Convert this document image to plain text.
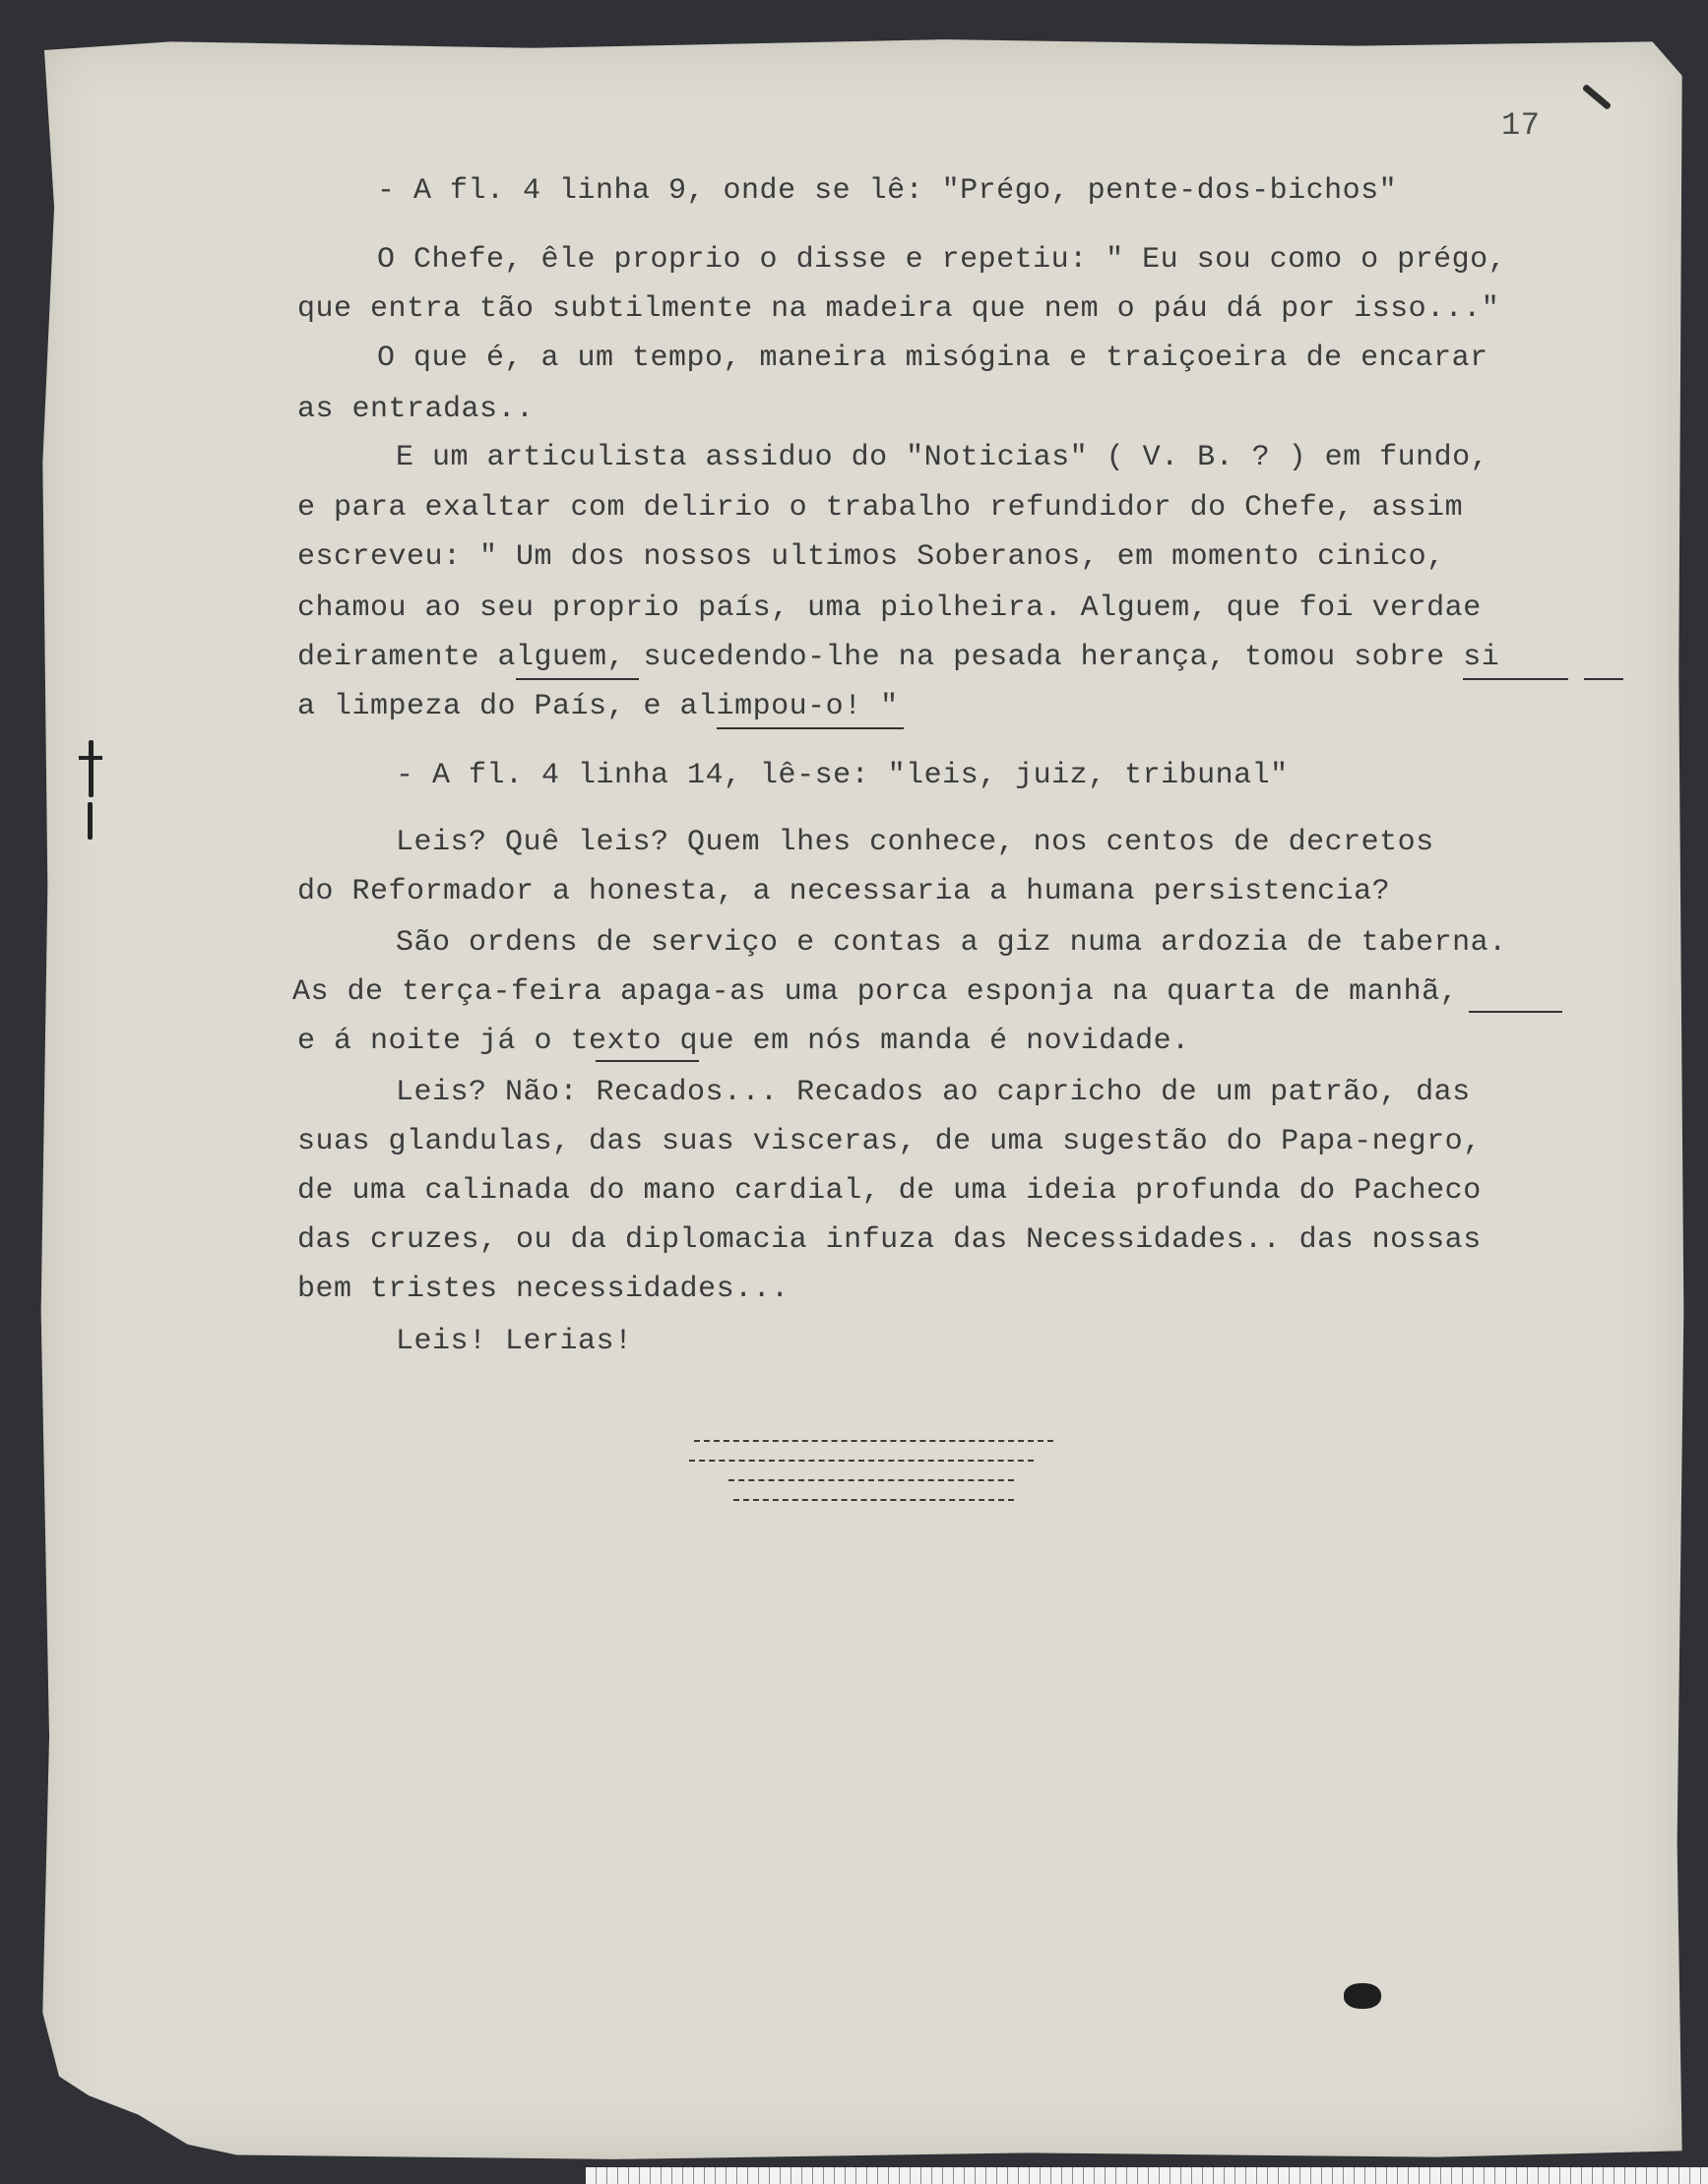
17
- A fl. 4 linha 9, onde se lê: "Prégo, pente-dos-bichos"
O Chefe, êle proprio o disse e repetiu: " Eu sou como o prégo,
que entra tão subtilmente na madeira que nem o páu dá por isso..."
O que é, a um tempo, maneira misógina e traiçoeira de encarar
as entradas..
E um articulista assiduo do "Noticias" ( V. B. ? ) em fundo,
e para exaltar com delirio o trabalho refundidor do Chefe, assim
escreveu: " Um dos nossos ultimos Soberanos, em momento cinico,
chamou ao seu proprio país, uma piolheira. Alguem, que foi verdae
deiramente alguem, sucedendo-lhe na pesada herança, tomou sobre si
a limpeza do País, e alimpou-o! "
- A fl. 4 linha 14, lê-se: "leis, juiz, tribunal"
Leis? Quê leis? Quem lhes conhece, nos centos de decretos
do Reformador a honesta, a necessaria a humana persistencia?
São ordens de serviço e contas a giz numa ardozia de taberna.
As de terça-feira apaga-as uma porca esponja na quarta de manhã,
e á noite já o texto que em nós manda é novidade.
Leis? Não: Recados... Recados ao capricho de um patrão, das
suas glandulas, das suas visceras, de uma sugestão do Papa-negro,
de uma calinada do mano cardial, de uma ideia profunda do Pacheco
das cruzes, ou da diplomacia infuza das Necessidades.. das nossas
bem tristes necessidades...
Leis! Lerias!
